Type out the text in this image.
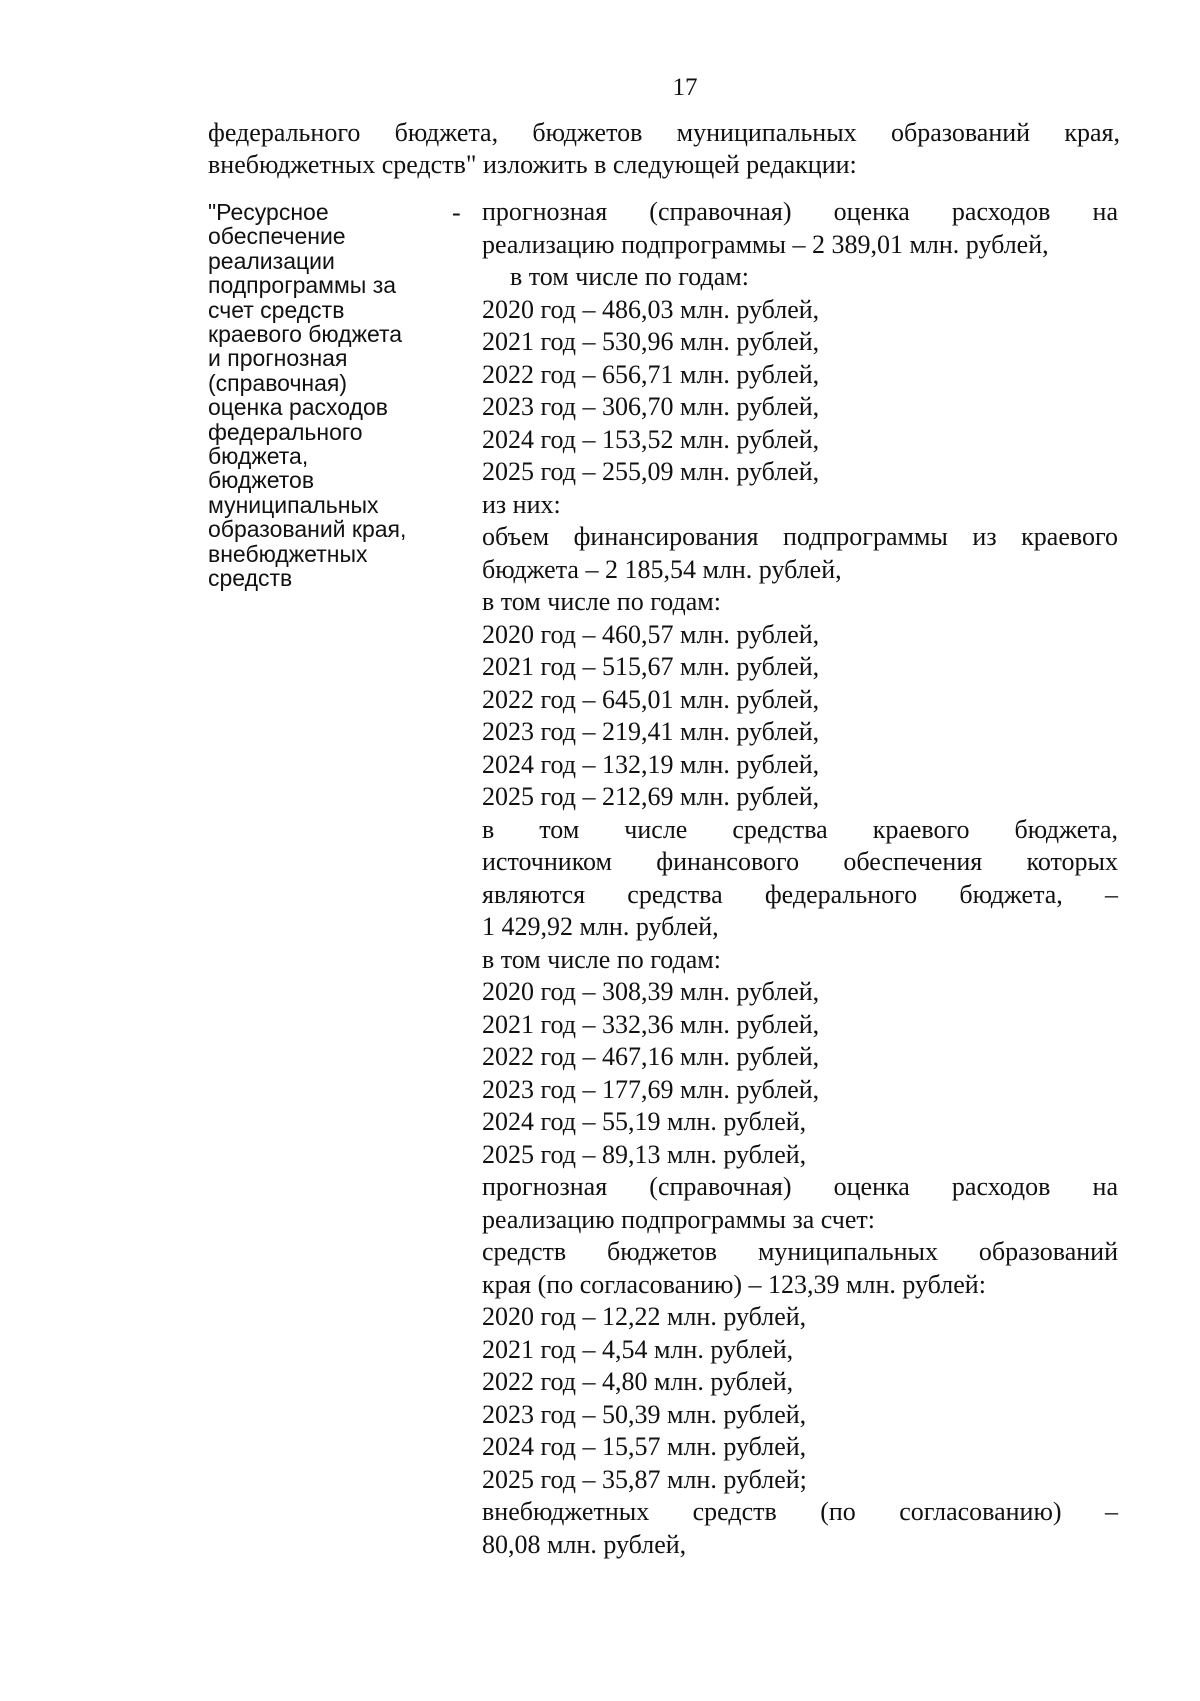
17
федерального бюджета, бюджетов муниципальных образований края,
внебюджетных средств" изложить в следующей редакции:
"Ресурсное
обеспечение
реализации
подпрограммы за
счет средств
краевого бюджета
и прогнозная
(справочная)
оценка расходов
федерального
бюджета,
бюджетов
муниципальных
образований края,
внебюджетных
средств
- прогнозная (справочная) оценка расходов на
реализацию подпрограммы – 2 389,01 млн. рублей,
в том числе по годам:
2020 год – 486,03 млн. рублей,
2021 год – 530,96 млн. рублей,
2022 год – 656,71 млн. рублей,
2023 год – 306,70 млн. рублей,
2024 год – 153,52 млн. рублей,
2025 год – 255,09 млн. рублей,
из них:
объем финансирования подпрограммы из краевого
бюджета – 2 185,54 млн. рублей,
в том числе по годам:
2020 год – 460,57 млн. рублей,
2021 год – 515,67 млн. рублей,
2022 год – 645,01 млн. рублей,
2023 год – 219,41 млн. рублей,
2024 год – 132,19 млн. рублей,
2025 год – 212,69 млн. рублей,
в том числе средства краевого бюджета,
источником финансового обеспечения которых
являются средства федерального бюджета, –
1 429,92 млн. рублей,
в том числе по годам:
2020 год – 308,39 млн. рублей,
2021 год – 332,36 млн. рублей,
2022 год – 467,16 млн. рублей,
2023 год – 177,69 млн. рублей,
2024 год – 55,19 млн. рублей,
2025 год – 89,13 млн. рублей,
прогнозная (справочная) оценка расходов на
реализацию подпрограммы за счет:
средств бюджетов муниципальных образований
края (по согласованию) – 123,39 млн. рублей:
2020 год – 12,22 млн. рублей,
2021 год – 4,54 млн. рублей,
2022 год – 4,80 млн. рублей,
2023 год – 50,39 млн. рублей,
2024 год – 15,57 млн. рублей,
2025 год – 35,87 млн. рублей;
внебюджетных средств (по согласованию) –
80,08 млн. рублей,
